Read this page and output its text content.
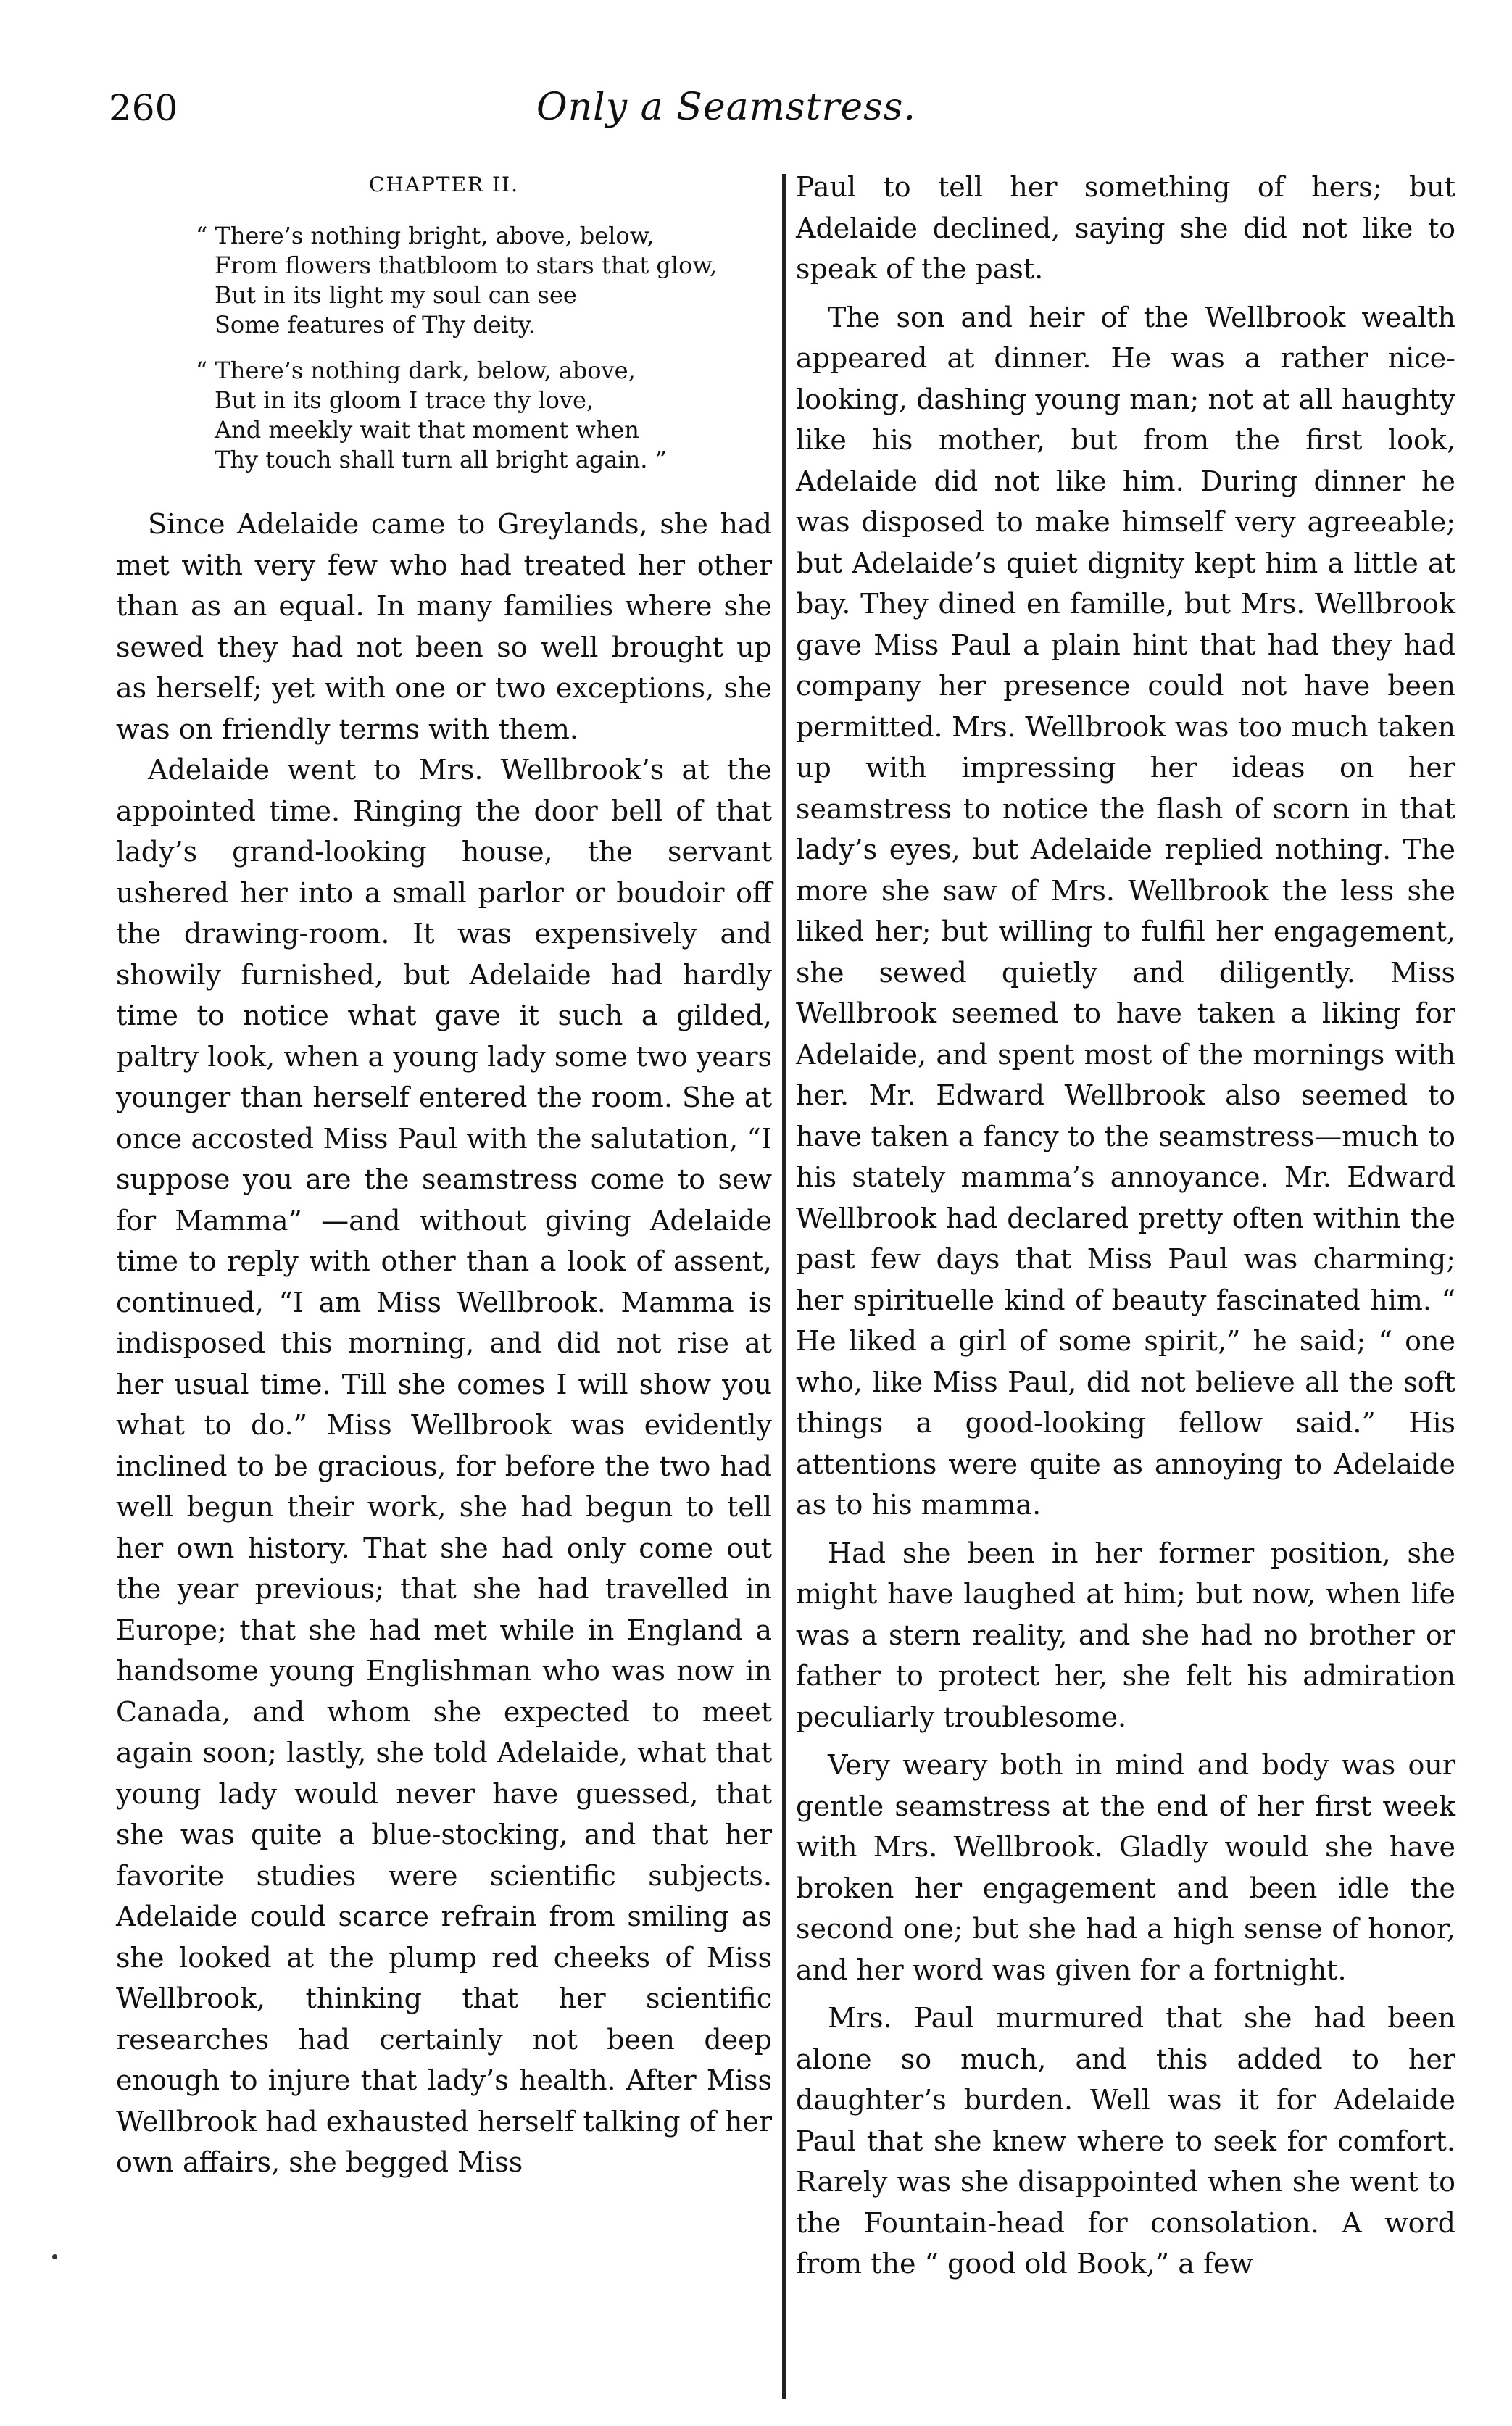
260	Only a Seamstress.
CHAPTER II.
“ There’s nothing bright, above, below,
From flowers thatbloom to stars that glow,
But in its light my soul can see
Some features of Thy deity.
“ There’s nothing dark, below, above,
But in its gloom I trace thy love,
And meekly wait that moment when
Thy touch shall turn all bright again. ”

Since Adelaide came to Greylands, she had met with very few who had treated her other than as an equal. In many families where she sewed they had not been so well brought up as herself; yet with one or two exceptions, she was on friendly terms with them.

Adelaide went to Mrs. Wellbrook’s at the appointed time. Ringing the door bell of that lady’s grand-looking house, the servant ushered her into a small parlor or boudoir off the drawing-room. It was expensively and showily furnished, but Adelaide had hardly time to notice what gave it such a gilded, paltry look, when a young lady some two years younger than herself entered the room. She at once accosted Miss Paul with the salutation, “I suppose you are the seamstress come to sew for Mamma” —and without giving Adelaide time to reply with other than a look of assent, continued, “I am Miss Wellbrook. Mamma is indisposed this morning, and did not rise at her usual time. Till she comes I will show you what to do.” Miss Wellbrook was evidently inclined to be gracious, for before the two had well begun their work, she had begun to tell her own history. That she had only come out the year previous; that she had travelled in Europe; that she had met while in England a handsome young Englishman who was now in Canada, and whom she expected to meet again soon; lastly, she told Adelaide, what that young lady would never have guessed, that she was quite a blue-stocking, and that her favorite studies were scientific subjects. Adelaide could scarce refrain from smiling as she looked at the plump red cheeks of Miss Wellbrook, thinking that her scientific researches had certainly not been deep enough to injure that lady’s health. After Miss Wellbrook had exhausted herself talking of her own affairs, she begged Miss

Paul to tell her something of hers; but Adelaide declined, saying she did not like to speak of the past.

The son and heir of the Wellbrook wealth appeared at dinner. He was a rather nice-looking, dashing young man; not at all haughty like his mother, but from the first look, Adelaide did not like him. During dinner he was disposed to make himself very agreeable; but Adelaide’s quiet dignity kept him a little at bay. They dined en famille, but Mrs. Wellbrook gave Miss Paul a plain hint that had they had company her presence could not have been permitted. Mrs. Wellbrook was too much taken up with impressing her ideas on her seamstress to notice the flash of scorn in that lady’s eyes, but Adelaide replied nothing. The more she saw of Mrs. Wellbrook the less she liked her; but willing to fulfil her engagement, she sewed quietly and diligently. Miss Wellbrook seemed to have taken a liking for Adelaide, and spent most of the mornings with her. Mr. Edward Wellbrook also seemed to have taken a fancy to the seamstress—much to his stately mamma’s annoyance. Mr. Edward Wellbrook had declared pretty often within the past few days that Miss Paul was charming; her spirituelle kind of beauty fascinated him. “ He liked a girl of some spirit,” he said; “ one who, like Miss Paul, did not believe all the soft things a good-looking fellow said.” His attentions were quite as annoying to Adelaide as to his mamma.

Had she been in her former position, she might have laughed at him; but now, when life was a stern reality, and she had no brother or father to protect her, she felt his admiration peculiarly troublesome.

Very weary both in mind and body was our gentle seamstress at the end of her first week with Mrs. Wellbrook. Gladly would she have broken her engagement and been idle the second one; but she had a high sense of honor, and her word was given for a fortnight.

Mrs. Paul murmured that she had been alone so much, and this added to her daughter’s burden. Well was it for Adelaide Paul that she knew where to seek for comfort. Rarely was she disappointed when she went to the Fountain-head for consolation. A word from the “ good old Book,” a few
